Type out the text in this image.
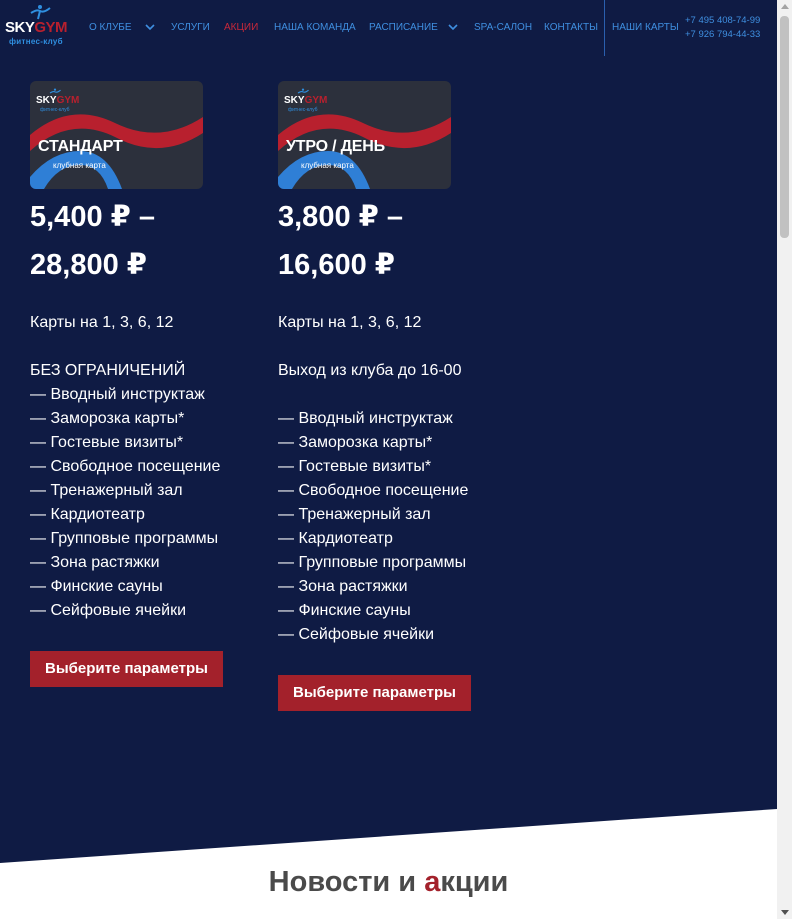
SKYGYM
фитнес-клуб
О КЛУБЕ	УСЛУГИ АКЦИИ НАША КОМАНДА РАСПИСАНИЕ	SPA-САЛОН КОНТАКТЫ НАШИ КАРТЫ
+7 495 408-74-99
+7 926 794-44-33
SKYGYM
фитнес-клуб
СТАНДАРТ
клубная карта
5,400 ₽ –
28,800 ₽
Карты на 1, 3, 6, 12
БЕЗ ОГРАНИЧЕНИЙ
— Вводный инструктаж
— Заморозка карты*
— Гостевые визиты*
— Свободное посещение
— Тренажерный зал
— Кардиотеатр
— Групповые программы
— Зона растяжки
— Финские сауны
— Сейфовые ячейки
Выберите параметры
SKYGYM
фитнес-клуб
УТРО / ДЕНЬ
клубная карта
3,800 ₽ –
16,600 ₽
Карты на 1, 3, 6, 12
Выход из клуба до 16-00
— Вводный инструктаж
— Заморозка карты*
— Гостевые визиты*
— Свободное посещение
— Тренажерный зал
— Кардиотеатр
— Групповые программы
— Зона растяжки
— Финские сауны
— Сейфовые ячейки
Выберите параметры
Новости и акции
